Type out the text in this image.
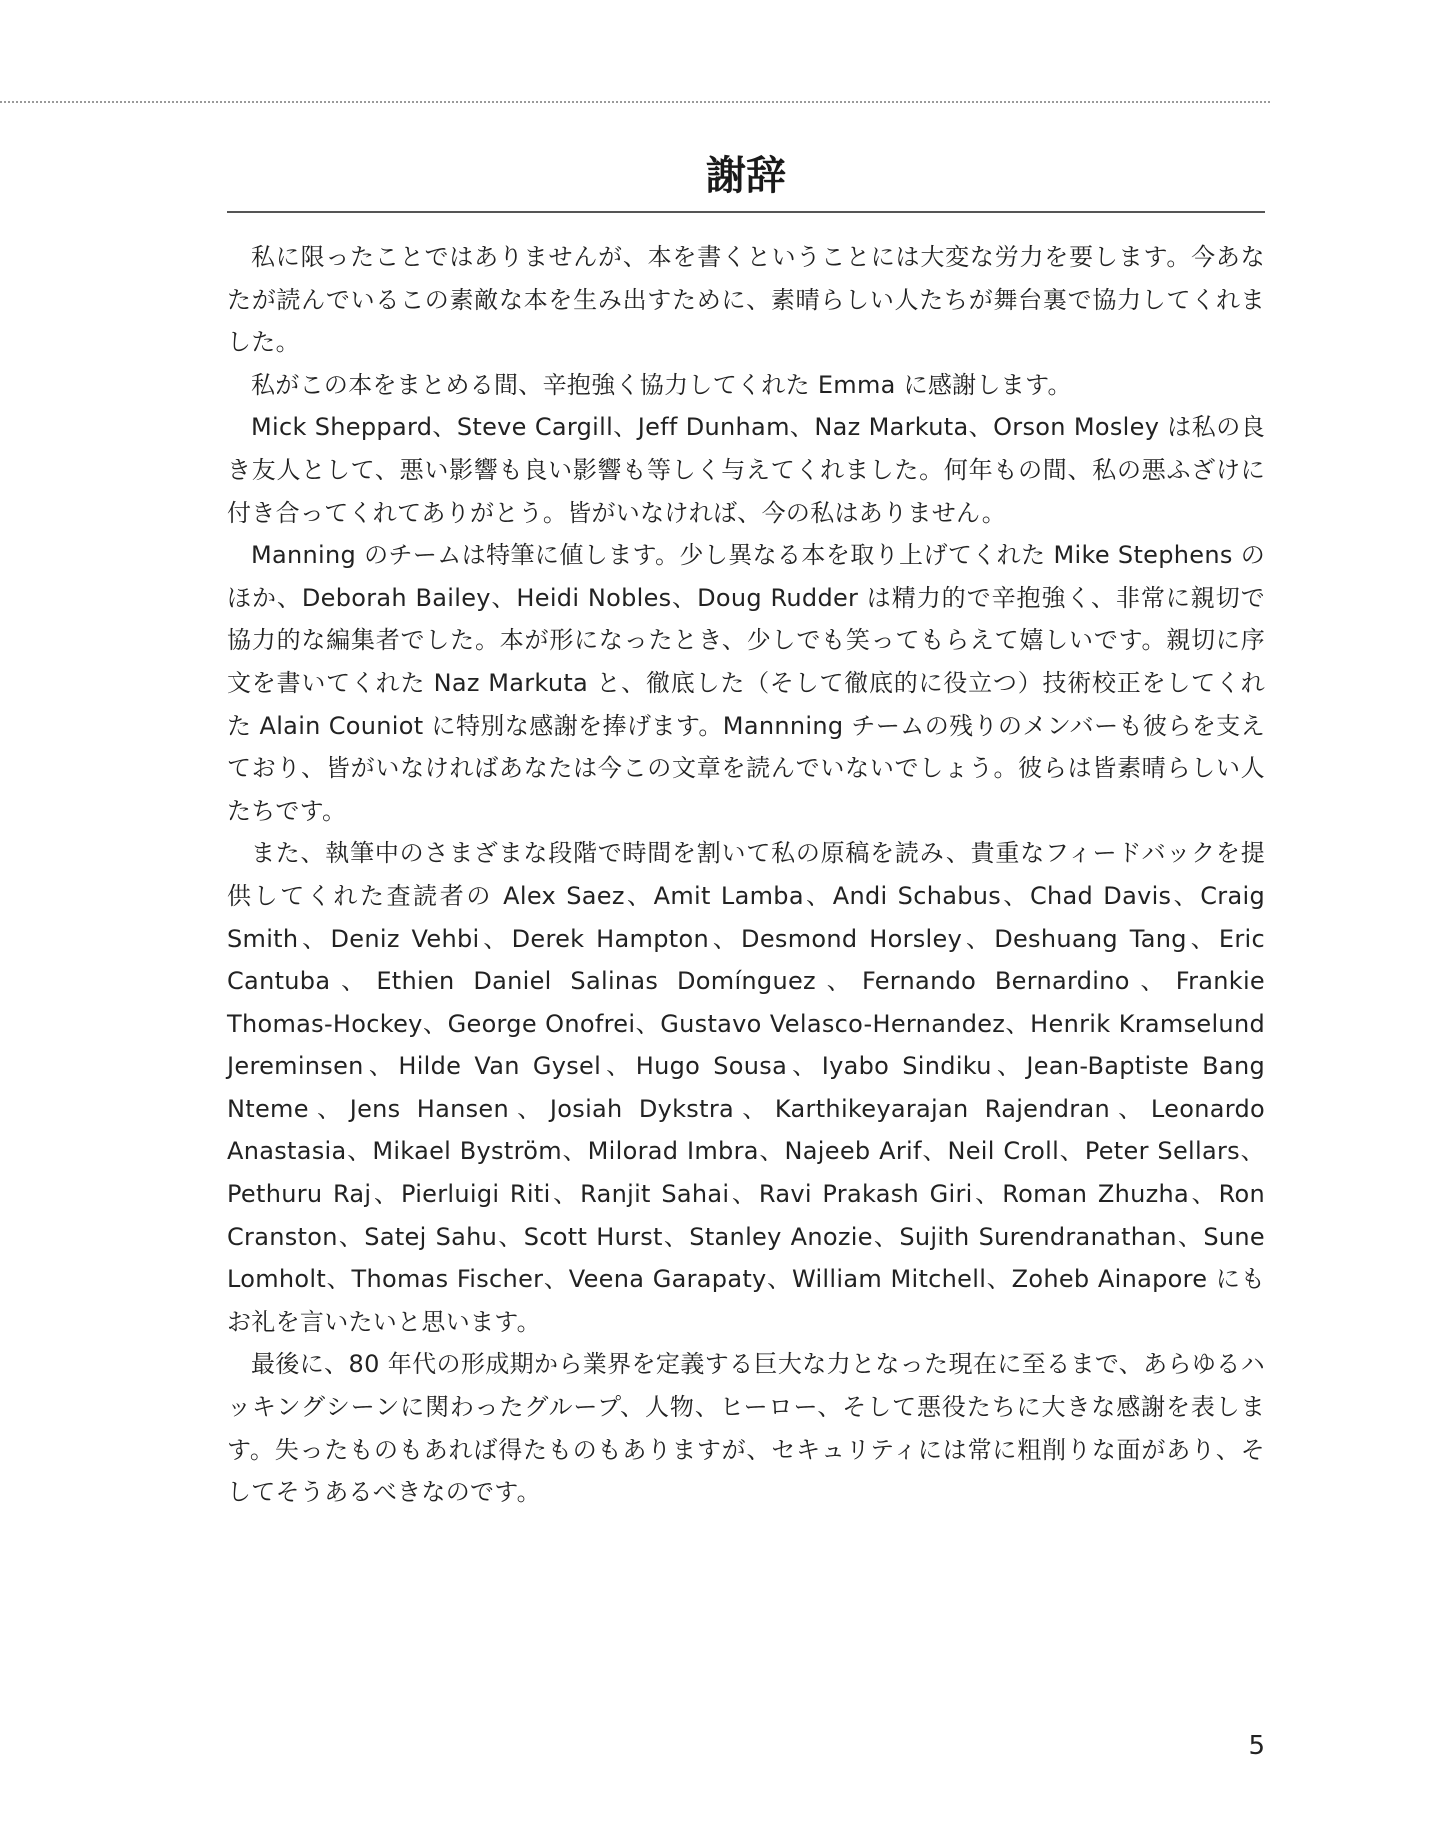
謝辞

私に限ったことではありませんが、本を書くということには大変な労力を要します。今あなたが読んでいるこの素敵な本を生み出すために、素晴らしい人たちが舞台裏で協力してくれました。

私がこの本をまとめる間、辛抱強く協力してくれた Emma に感謝します。

Mick Sheppard、Steve Cargill、Jeff Dunham、Naz Markuta、Orson Mosley は私の良き友人として、悪い影響も良い影響も等しく与えてくれました。何年もの間、私の悪ふざけに付き合ってくれてありがとう。皆がいなければ、今の私はありません。

Manning のチームは特筆に値します。少し異なる本を取り上げてくれた Mike Stephens のほか、Deborah Bailey、Heidi Nobles、Doug Rudder は精力的で辛抱強く、非常に親切で協力的な編集者でした。本が形になったとき、少しでも笑ってもらえて嬉しいです。親切に序文を書いてくれた Naz Markuta と、徹底した（そして徹底的に役立つ）技術校正をしてくれた Alain Couniot に特別な感謝を捧げます。Mannning チームの残りのメンバーも彼らを支えており、皆がいなければあなたは今この文章を読んでいないでしょう。彼らは皆素晴らしい人たちです。

また、執筆中のさまざまな段階で時間を割いて私の原稿を読み、貴重なフィードバックを提供してくれた査読者の Alex Saez、Amit Lamba、Andi Schabus、Chad Davis、Craig Smith、Deniz Vehbi、Derek Hampton、Desmond Horsley、Deshuang Tang、Eric Cantuba、Ethien Daniel Salinas Domínguez、Fernando Bernardino、Frankie Thomas-Hockey、George Onofrei、Gustavo Velasco-Hernandez、Henrik Kramselund Jereminsen、Hilde Van Gysel、Hugo Sousa、Iyabo Sindiku、Jean-Baptiste Bang Nteme、Jens Hansen、Josiah Dykstra、Karthikeyarajan Rajendran、Leonardo Anastasia、Mikael Byström、Milorad Imbra、Najeeb Arif、Neil Croll、Peter Sellars、Pethuru Raj、Pierluigi Riti、Ranjit Sahai、Ravi Prakash Giri、Roman Zhuzha、Ron Cranston、Satej Sahu、Scott Hurst、Stanley Anozie、Sujith Surendranathan、Sune Lomholt、Thomas Fischer、Veena Garapaty、William Mitchell、Zoheb Ainapore にもお礼を言いたいと思います。

最後に、80 年代の形成期から業界を定義する巨大な力となった現在に至るまで、あらゆるハッキングシーンに関わったグループ、人物、ヒーロー、そして悪役たちに大きな感謝を表します。失ったものもあれば得たものもありますが、セキュリティには常に粗削りな面があり、そしてそうあるべきなのです。

5
